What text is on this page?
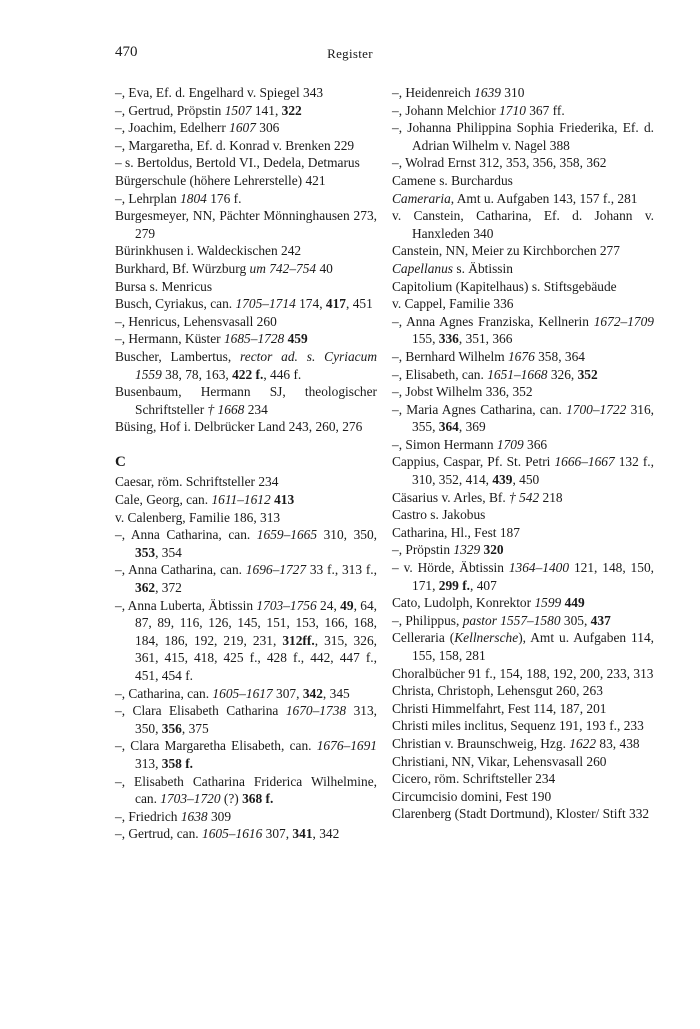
470	Register
–, Eva, Ef. d. Engelhard v. Spiegel 343
–, Gertrud, Pröpstin 1507 141, 322
–, Joachim, Edelherr 1607 306
–, Margaretha, Ef. d. Konrad v. Brenken 229
– s. Bertoldus, Bertold VI., Dedela, Detmarus
Bürgerschule (höhere Lehrerstelle) 421
–, Lehrplan 1804 176 f.
Burgesmeyer, NN, Pächter Mönninghausen 273, 279
Bürinkhusen i. Waldeckischen 242
Burkhard, Bf. Würzburg um 742–754 40
Bursa s. Menricus
Busch, Cyriakus, can. 1705–1714 174, 417, 451
–, Henricus, Lehensvasall 260
–, Hermann, Küster 1685–1728 459
Buscher, Lambertus, rector ad. s. Cyriacum 1559 38, 78, 163, 422 f., 446 f.
Busenbaum, Hermann SJ, theologischer Schriftsteller † 1668 234
Büsing, Hof i. Delbrücker Land 243, 260, 276
C
Caesar, röm. Schriftsteller 234
Cale, Georg, can. 1611–1612 413
v. Calenberg, Familie 186, 313
–, Anna Catharina, can. 1659–1665 310, 350, 353, 354
–, Anna Catharina, can. 1696–1727 33 f., 313 f., 362, 372
–, Anna Luberta, Äbtissin 1703–1756 24, 49, 64, 87, 89, 116, 126, 145, 151, 153, 166, 168, 184, 186, 192, 219, 231, 312ff., 315, 326, 361, 415, 418, 425 f., 428 f., 442, 447 f., 451, 454 f.
–, Catharina, can. 1605–1617 307, 342, 345
–, Clara Elisabeth Catharina 1670–1738 313, 350, 356, 375
–, Clara Margaretha Elisabeth, can. 1676–1691 313, 358 f.
–, Elisabeth Catharina Friderica Wilhelmine, can. 1703–1720 (?) 368 f.
–, Friedrich 1638 309
–, Gertrud, can. 1605–1616 307, 341, 342
–, Heidenreich 1639 310
–, Johann Melchior 1710 367 ff.
–, Johanna Philippina Sophia Friederika, Ef. d. Adrian Wilhelm v. Nagel 388
–, Wolrad Ernst 312, 353, 356, 358, 362
Camene s. Burchardus
Cameraria, Amt u. Aufgaben 143, 157 f., 281
v. Canstein, Catharina, Ef. d. Johann v. Hanxleden 340
Canstein, NN, Meier zu Kirchborchen 277
Capellanus s. Äbtissin
Capitolium (Kapitelhaus) s. Stiftsgebäude
v. Cappel, Familie 336
–, Anna Agnes Franziska, Kellnerin 1672–1709 155, 336, 351, 366
–, Bernhard Wilhelm 1676 358, 364
–, Elisabeth, can. 1651–1668 326, 352
–, Jobst Wilhelm 336, 352
–, Maria Agnes Catharina, can. 1700–1722 316, 355, 364, 369
–, Simon Hermann 1709 366
Cappius, Caspar, Pf. St. Petri 1666–1667 132 f., 310, 352, 414, 439, 450
Cäsarius v. Arles, Bf. † 542 218
Castro s. Jakobus
Catharina, Hl., Fest 187
–, Pröpstin 1329 320
– v. Hörde, Äbtissin 1364–1400 121, 148, 150, 171, 299 f., 407
Cato, Ludolph, Konrektor 1599 449
–, Philippus, pastor 1557–1580 305, 437
Celleraria (Kellnersche), Amt u. Aufgaben 114, 155, 158, 281
Choralbücher 91 f., 154, 188, 192, 200, 233, 313
Christa, Christoph, Lehensgut 260, 263
Christi Himmelfahrt, Fest 114, 187, 201
Christi miles inclitus, Sequenz 191, 193 f., 233
Christian v. Braunschweig, Hzg. 1622 83, 438
Christiani, NN, Vikar, Lehensvasall 260
Cicero, röm. Schriftsteller 234
Circumcisio domini, Fest 190
Clarenberg (Stadt Dortmund), Kloster/ Stift 332
